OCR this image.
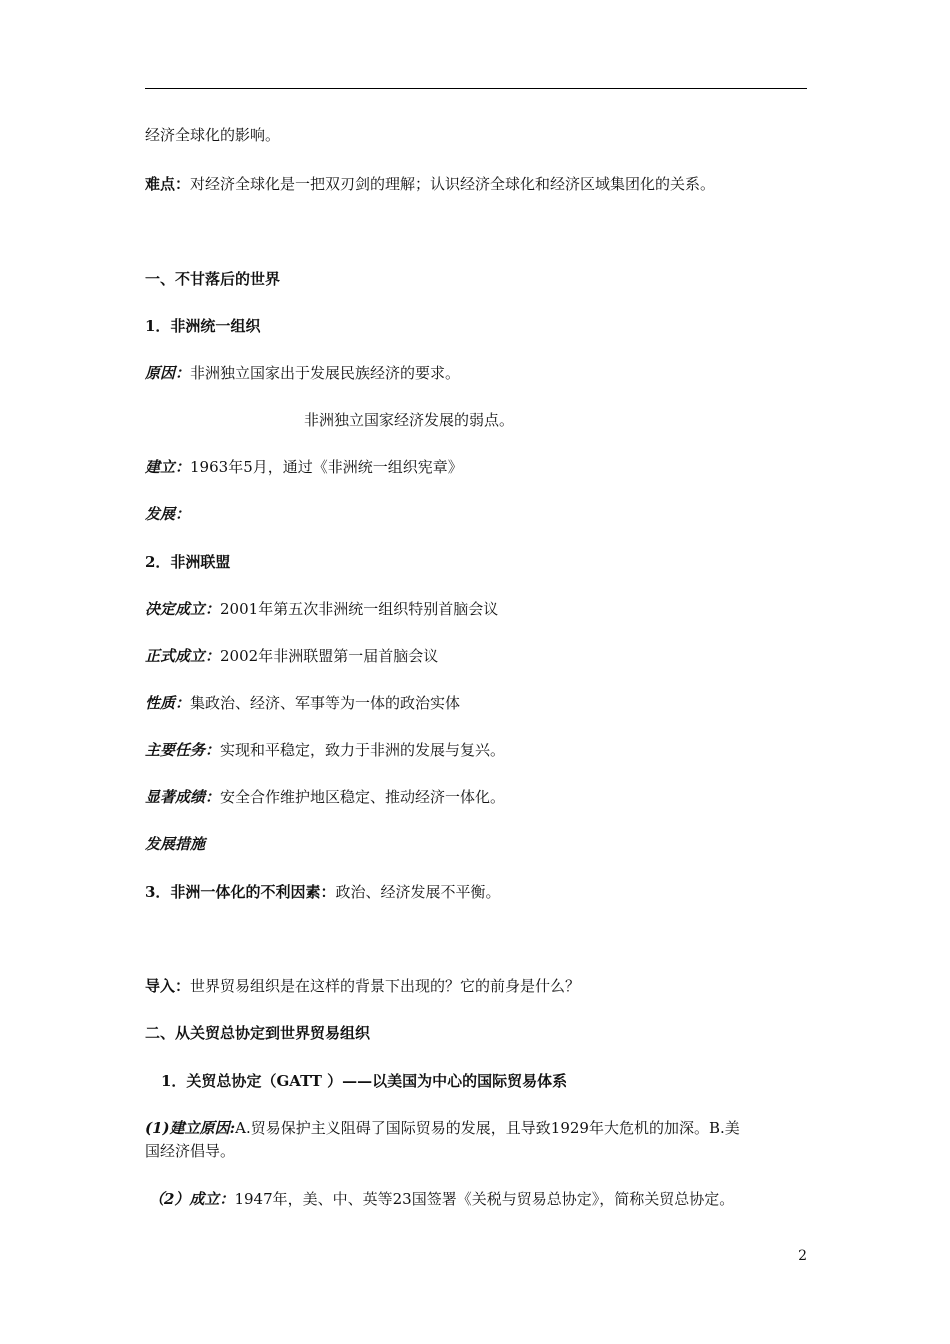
经济全球化的影响。
难点：对经济全球化是一把双刃剑的理解；认识经济全球化和经济区域集团化的关系。
一、不甘落后的世界
1．非洲统一组织
原因：非洲独立国家出于发展民族经济的要求。
非洲独立国家经济发展的弱点。
建立：1963年5月，通过《非洲统一组织宪章》
发展：
2．非洲联盟
决定成立：2001年第五次非洲统一组织特别首脑会议
正式成立：2002年非洲联盟第一届首脑会议
性质：集政治、经济、军事等为一体的政治实体
主要任务：实现和平稳定，致力于非洲的发展与复兴。
显著成绩：安全合作维护地区稳定、推动经济一体化。
发展措施
3．非洲一体化的不利因素：政治、经济发展不平衡。
导入：世界贸易组织是在这样的背景下出现的？它的前身是什么？
二、从关贸总协定到世界贸易组织
1．关贸总协定（GATT ）——以美国为中心的国际贸易体系
(1)建立原因:A.贸易保护主义阻碍了国际贸易的发展，且导致1929年大危机的加深。B.美
国经济倡导。
（2）成立：1947年，美、中、英等23国签署《关税与贸易总协定》，简称关贸总协定。
2
